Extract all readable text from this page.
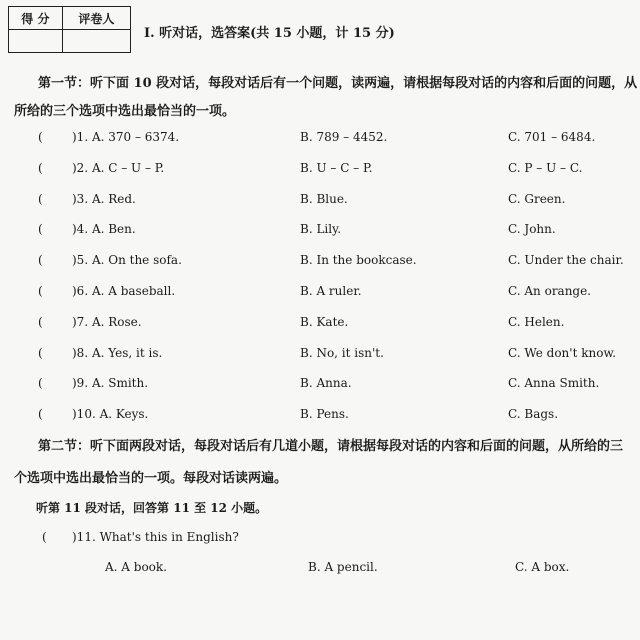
得 分	评卷人

Ⅰ. 听对话，选答案(共 15 小题，计 15 分)
第一节：听下面 10 段对话，每段对话后有一个问题，读两遍，请根据每段对话的内容和后面的问题，从
所给的三个选项中选出最恰当的一项。
( )1. A. 370 – 6374.	B. 789 – 4452.	C. 701 – 6484.
( )2. A. C – U – P.	B. U – C – P.	C. P – U – C.
( )3. A. Red.	B. Blue.	C. Green.
( )4. A. Ben.	B. Lily.	C. John.
( )5. A. On the sofa.	B. In the bookcase.	C. Under the chair.
( )6. A. A baseball.	B. A ruler.	C. An orange.
( )7. A. Rose.	B. Kate.	C. Helen.
( )8. A. Yes, it is.	B. No, it isn't.	C. We don't know.
( )9. A. Smith.	B. Anna.	C. Anna Smith.
( )10. A. Keys.	B. Pens.	C. Bags.
第二节：听下面两段对话，每段对话后有几道小题，请根据每段对话的内容和后面的问题，从所给的三
个选项中选出最恰当的一项。每段对话读两遍。
听第 11 段对话，回答第 11 至 12 小题。
( )11. What's this in English?
A. A book.	B. A pencil.	C. A box.
